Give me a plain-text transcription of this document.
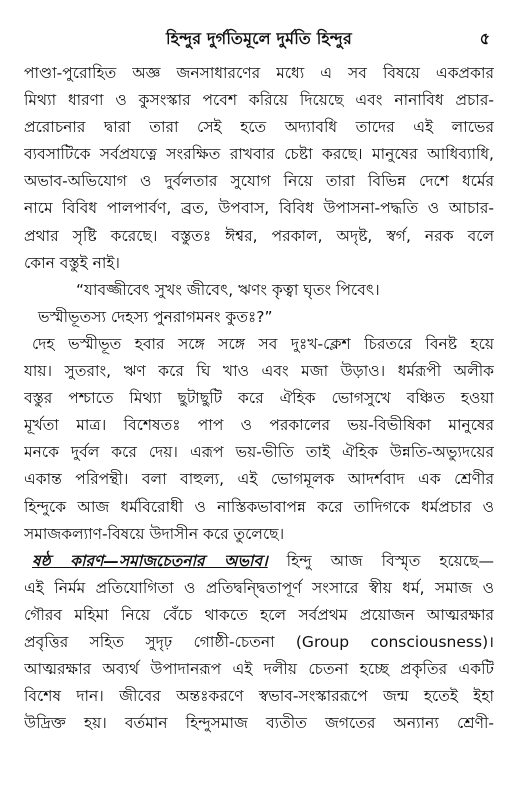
হিন্দুর দুর্গতিমূলে দুর্মতি হিন্দুর	৫
পাণ্ডা-পুরোহিত অজ্ঞ জনসাধারণের মধ্যে এ সব বিষয়ে একপ্রকার
মিথ্যা ধারণা ও কুসংস্কার পবেশ করিয়ে দিয়েছে এবং নানাবিধ প্রচার-
প্ররোচনার দ্বারা তারা সেই হতে অদ্যাবধি তাদের এই লাভের
ব্যবসাটিকে সর্বপ্রযত্নে সংরক্ষিত রাখবার চেষ্টা করছে। মানুষের আধিব্যাধি,
অভাব-অভিযোগ ও দুর্বলতার সুযোগ নিয়ে তারা বিভিন্ন দেশে ধর্মের
নামে বিবিধ পালপার্বণ, ব্রত, উপবাস, বিবিধ উপাসনা-পদ্ধতি ও আচার-
প্রথার সৃষ্টি করেছে। বস্তুতঃ ঈশ্বর, পরকাল, অদৃষ্ট, স্বর্গ, নরক বলে
কোন বস্তুই নাই।
“যাবজ্জীবেৎ সুখং জীবেৎ, ঋণং কৃত্বা ঘৃতং পিবেৎ।
ভস্মীভূতস্য দেহস্য পুনরাগমনং কুতঃ?”
দেহ ভস্মীভূত হবার সঙ্গে সঙ্গে সব দুঃখ-ক্লেশ চিরতরে বিনষ্ট হয়ে
যায়। সুতরাং, ঋণ করে ঘি খাও এবং মজা উড়াও। ধর্মরূপী অলীক
বস্তুর পশ্চাতে মিথ্যা ছুটাছুটি করে ঐহিক ভোগসুখে বঞ্চিত হওয়া
মূর্খতা মাত্র। বিশেষতঃ পাপ ও পরকালের ভয়-বিভীষিকা মানুষের
মনকে দুর্বল করে দেয়। এরূপ ভয়-ভীতি তাই ঐহিক উন্নতি-অভ্যুদয়ের
একান্ত পরিপন্থী। বলা বাহুল্য, এই ভোগমূলক আদর্শবাদ এক শ্রেণীর
হিন্দুকে আজ ধর্মবিরোধী ও নাস্তিকভাবাপন্ন করে তাদিগকে ধর্মপ্রচার ও
সমাজকল্যাণ-বিষয়ে উদাসীন করে তুলেছে।
ষষ্ঠ কারণ—সমাজচেতনার অভাব। হিন্দু আজ বিস্মৃত হয়েছে—
এই নির্মম প্রতিযোগিতা ও প্রতিদ্বন্দ্বিতাপূর্ণ সংসারে স্বীয় ধর্ম, সমাজ ও
গৌরব মহিমা নিয়ে বেঁচে থাকতে হলে সর্বপ্রথম প্রয়োজন আত্মরক্ষার
প্রবৃত্তির সহিত সুদৃঢ় গোষ্ঠী-চেতনা (Group consciousness)।
আত্মরক্ষার অব্যর্থ উপাদানরূপ এই দলীয় চেতনা হচ্ছে প্রকৃতির একটি
বিশেষ দান। জীবের অন্তঃকরণে স্বভাব-সংস্কাররূপে জন্ম হতেই ইহা
উদ্রিক্ত হয়। বর্তমান হিন্দুসমাজ ব্যতীত জগতের অন্যান্য শ্রেণী-
